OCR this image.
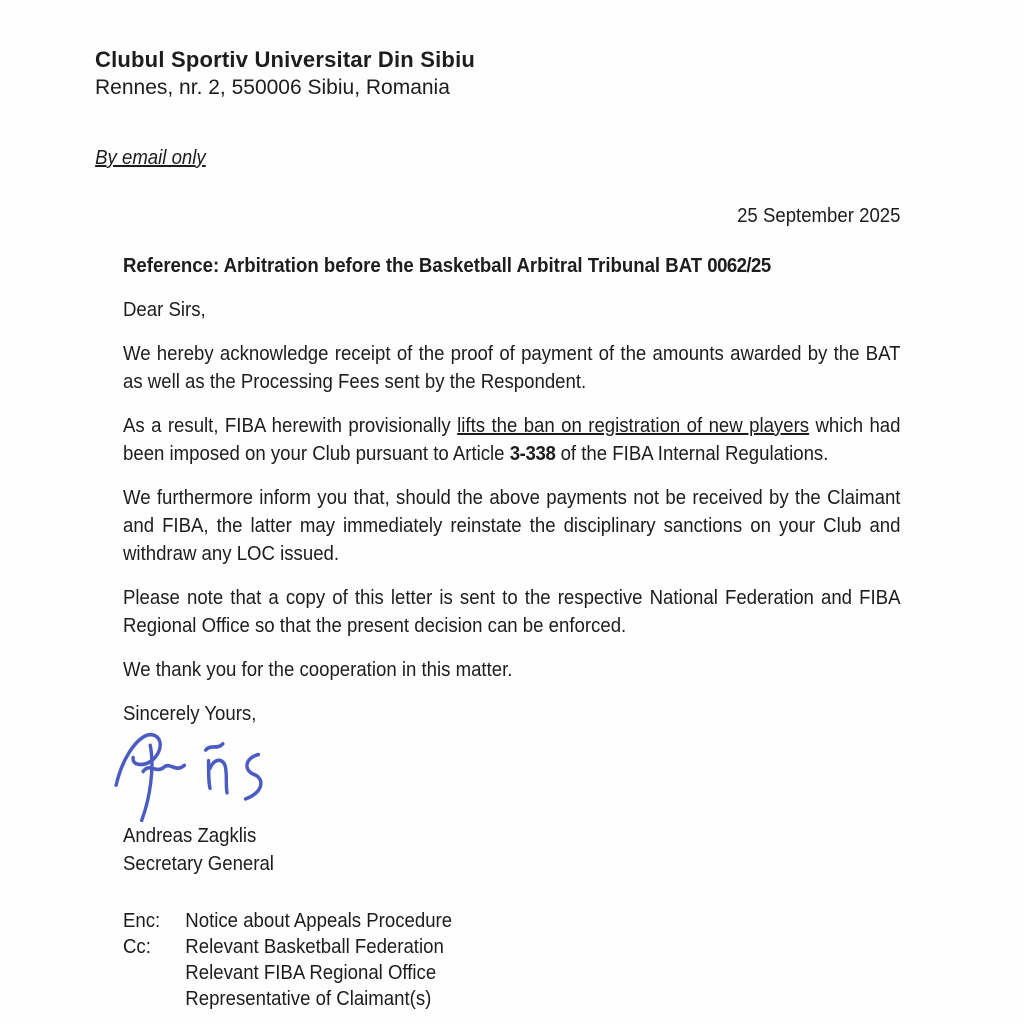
Clubul Sportiv Universitar Din Sibiu
Rennes, nr. 2, 550006 Sibiu, Romania
By email only
25 September 2025
Reference: Arbitration before the Basketball Arbitral Tribunal BAT 0062/25

Dear Sirs,

We hereby acknowledge receipt of the proof of payment of the amounts awarded by the BAT as well as the Processing Fees sent by the Respondent.

As a result, FIBA herewith provisionally lifts the ban on registration of new players which had been imposed on your Club pursuant to Article 3-338 of the FIBA Internal Regulations.

We furthermore inform you that, should the above payments not be received by the Claimant and FIBA, the latter may immediately reinstate the disciplinary sanctions on your Club and withdraw any LOC issued.

Please note that a copy of this letter is sent to the respective National Federation and FIBA Regional Office so that the present decision can be enforced.

We thank you for the cooperation in this matter.

Sincerely Yours,

Andreas Zagklis
Secretary General
Enc:	Notice about Appeals Procedure
Cc:	Relevant Basketball Federation
Relevant FIBA Regional Office
Representative of Claimant(s)
